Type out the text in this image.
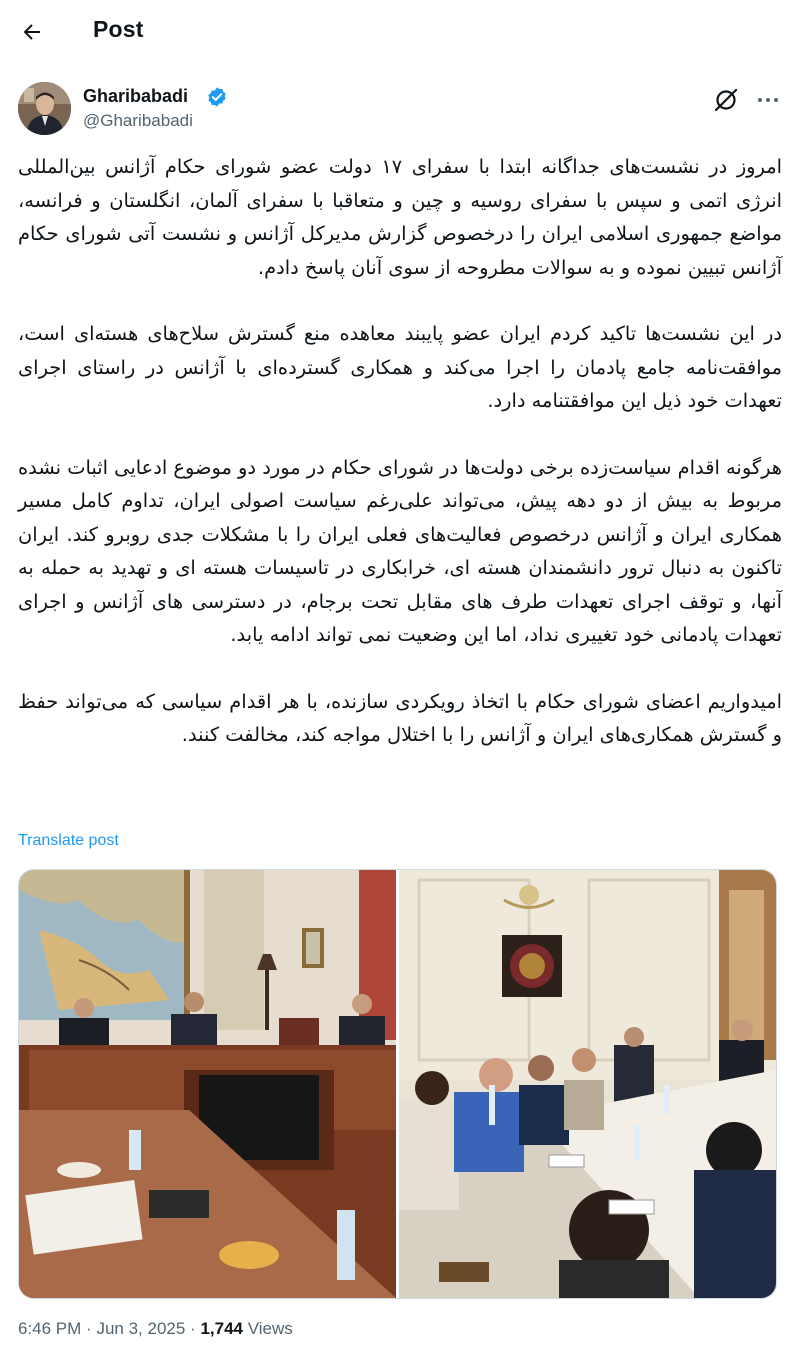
Post
Gharibabadi
@Gharibabadi

امروز در نشست‌های جداگانه ابتدا با سفرای ۱۷ دولت عضو شورای حکام آژانس بین‌المللی انرژی اتمی و سپس با سفرای روسیه و چین و متعاقبا با سفرای آلمان، انگلستان و فرانسه، مواضع جمهوری اسلامی ایران را درخصوص گزارش مدیرکل آژانس و نشست آتی شورای حکام آژانس تبیین نموده و به سوالات مطروحه از سوی آنان پاسخ دادم.

در این نشست‌ها تاکید کردم ایران عضو پایبند معاهده منع گسترش سلاح‌های هسته‌ای است، موافقت‌نامه جامع پادمان را اجرا می‌کند و همکاری گسترده‌ای با آژانس در راستای اجرای تعهدات خود ذیل این موافقتنامه دارد.

هرگونه اقدام سیاست‌زده برخی دولت‌ها در شورای حکام در مورد دو موضوع ادعایی اثبات نشده مربوط به بیش از دو دهه پیش، می‌تواند علی‌رغم سیاست اصولی ایران، تداوم کامل مسیر همکاری ایران و آژانس درخصوص فعالیت‌های فعلی ایران را با مشکلات جدی روبرو کند. ایران تاکنون به دنبال ترور دانشمندان هسته ای، خرابکاری در تاسیسات هسته ای و تهدید به حمله به آنها، و توقف اجرای تعهدات طرف های مقابل تحت برجام، در دسترسی های آژانس و اجرای تعهدات پادمانی خود تغییری نداد، اما این وضعیت نمی تواند ادامه یابد.

امیدواریم اعضای شورای حکام با اتخاذ رویکردی سازنده، با هر اقدام سیاسی که می‌تواند حفظ و گسترش همکاری‌های ایران و آژانس را با اختلال مواجه کند، مخالفت کنند.

Translate post
6:46 PM · Jun 3, 2025 · 1,744 Views
